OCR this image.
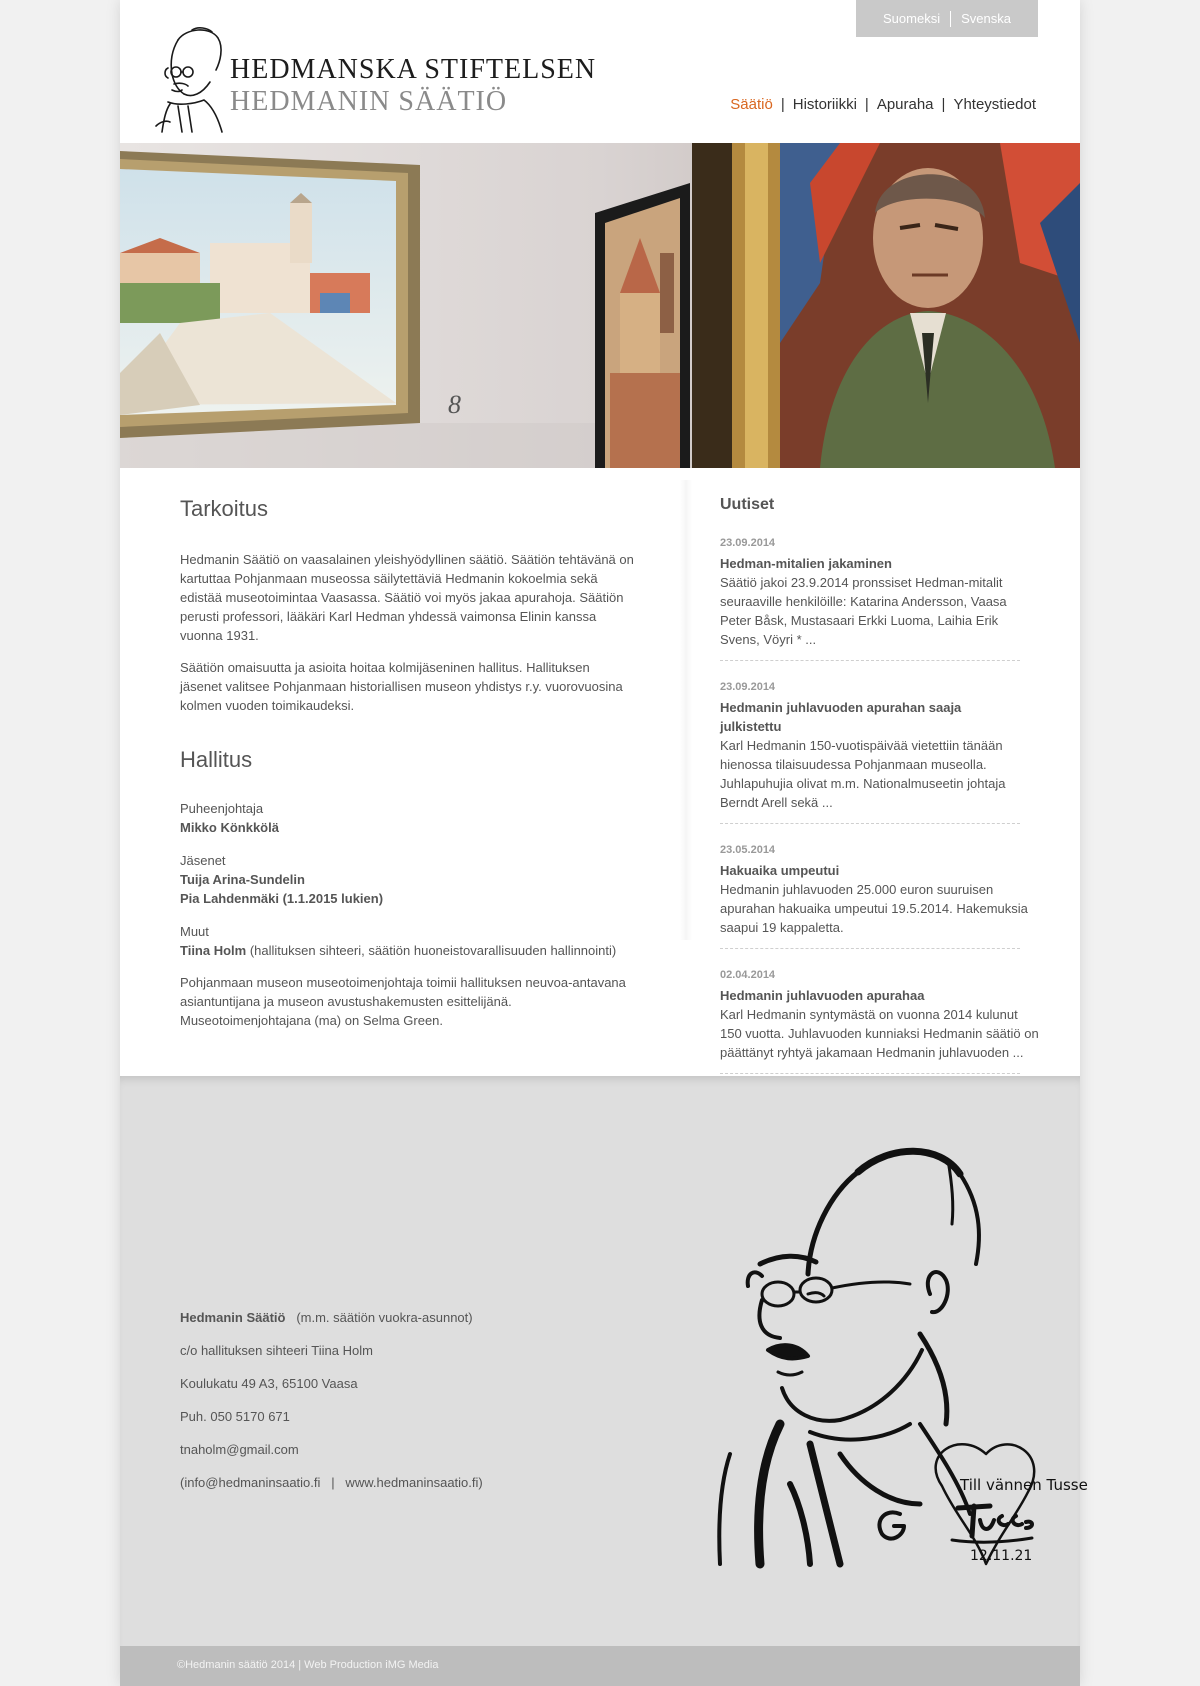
HEDMANSKA STIFTELSEN
HEDMANIN SÄÄTIÖ	Säätiö | Historiikki | Apuraha | Yhteystiedot
Suomeksi	Svenska
8
Tarkoitus

Hedmanin Säätiö on vaasalainen yleishyödyllinen säätiö. Säätiön tehtävänä on kartuttaa Pohjanmaan museossa säilytettäviä Hedmanin kokoelmia sekä edistää museotoimintaa Vaasassa. Säätiö voi myös jakaa apurahoja. Säätiön perusti professori, lääkäri Karl Hedman yhdessä vaimonsa Elinin kanssa vuonna 1931.

Säätiön omaisuutta ja asioita hoitaa kolmijäseninen hallitus. Hallituksen jäsenet valitsee Pohjanmaan historiallisen museon yhdistys r.y. vuorovuosina kolmen vuoden toimikaudeksi.

Hallitus
Puheenjohtaja
Mikko Könkkölä
Jäsenet
Tuija Arina-Sundelin
Pia Lahdenmäki (1.1.2015 lukien)
Muut
Tiina Holm (hallituksen sihteeri, säätiön huoneistovarallisuuden hallinnointi)

Pohjanmaan museon museotoimenjohtaja toimii hallituksen neuvoa-antavana asiantuntijana ja museon avustushakemusten esittelijänä. Museotoimenjohtajana (ma) on Selma Green.

Uutiset
23.09.2014
Hedman-mitalien jakaminen
Säätiö jakoi 23.9.2014 pronssiset Hedman-mitalit seuraaville henkilöille: Katarina Andersson, Vaasa Peter Båsk, Mustasaari Erkki Luoma, Laihia Erik Svens, Vöyri * ...
23.09.2014
Hedmanin juhlavuoden apurahan saaja julkistettu
Karl Hedmanin 150-vuotispäivää vietettiin tänään hienossa tilaisuudessa Pohjanmaan museolla. Juhlapuhujia olivat m.m. Nationalmuseetin johtaja Berndt Arell sekä ...
23.05.2014
Hakuaika umpeutui
Hedmanin juhlavuoden 25.000 euron suuruisen apurahan hakuaika umpeutui 19.5.2014. Hakemuksia saapui 19 kappaletta.
02.04.2014
Hedmanin juhlavuoden apurahaa
Karl Hedmanin syntymästä on vuonna 2014 kulunut 150 vuotta. Juhlavuoden kunniaksi Hedmanin säätiö on päättänyt ryhtyä jakamaan Hedmanin juhlavuoden ...
Hedmanin Säätiö (m.m. säätiön vuokra-asunnot)
c/o hallituksen sihteeri Tiina Holm
Koulukatu 49 A3, 65100 Vaasa
Puh. 050 5170 671
tnaholm@gmail.com
(info@hedmaninsaatio.fi   |   www.hedmaninsaatio.fi)	Till vännen Tusse
12.11.21
©Hedmanin säätiö 2014 | Web Production iMG Media
